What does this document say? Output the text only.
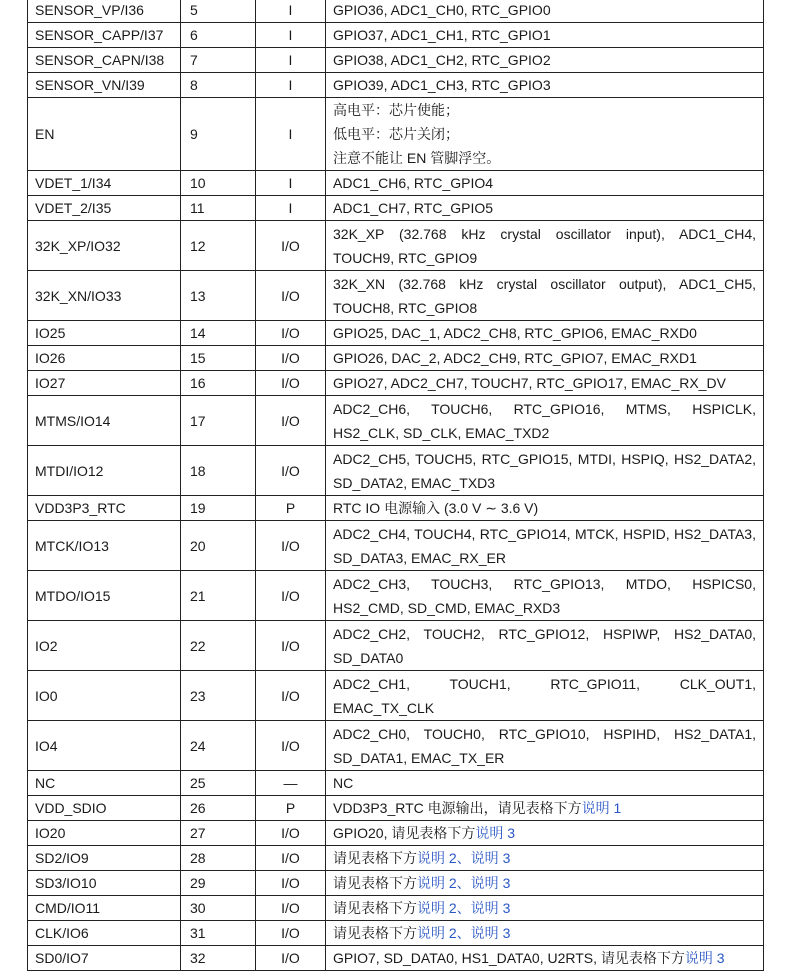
SENSOR_VP/I36	5	I	GPIO36, ADC1_CH0, RTC_GPIO0

SENSOR_CAPP/I37	6	I	GPIO37, ADC1_CH1, RTC_GPIO1

SENSOR_CAPN/I38	7	I	GPIO38, ADC1_CH2, RTC_GPIO2

SENSOR_VN/I39	8	I	GPIO39, ADC1_CH3, RTC_GPIO3

EN	9	I	高电平：芯片使能；
低电平：芯片关闭；
注意不能让 EN 管脚浮空。

VDET_1/I34	10	I	ADC1_CH6, RTC_GPIO4

VDET_2/I35	11	I	ADC1_CH7, RTC_GPIO5

32K_XP/IO32	12	I/O	32K_XP (32.768 kHz crystal oscillator input), ADC1_CH4,
TOUCH9, RTC_GPIO9

32K_XN/IO33	13	I/O	32K_XN (32.768 kHz crystal oscillator output), ADC1_CH5,
TOUCH8, RTC_GPIO8

IO25	14	I/O	GPIO25, DAC_1, ADC2_CH8, RTC_GPIO6, EMAC_RXD0

IO26	15	I/O	GPIO26, DAC_2, ADC2_CH9, RTC_GPIO7, EMAC_RXD1

IO27	16	I/O	GPIO27, ADC2_CH7, TOUCH7, RTC_GPIO17, EMAC_RX_DV

MTMS/IO14	17	I/O	ADC2_CH6, TOUCH6, RTC_GPIO16, MTMS, HSPICLK,
HS2_CLK, SD_CLK, EMAC_TXD2

MTDI/IO12	18	I/O	ADC2_CH5, TOUCH5, RTC_GPIO15, MTDI, HSPIQ, HS2_DATA2,
SD_DATA2, EMAC_TXD3

VDD3P3_RTC	19	P	RTC IO 电源输入 (3.0 V ∼ 3.6 V)

MTCK/IO13	20	I/O	ADC2_CH4, TOUCH4, RTC_GPIO14, MTCK, HSPID, HS2_DATA3,
SD_DATA3, EMAC_RX_ER

MTDO/IO15	21	I/O	ADC2_CH3, TOUCH3, RTC_GPIO13, MTDO, HSPICS0,
HS2_CMD, SD_CMD, EMAC_RXD3

IO2	22	I/O	ADC2_CH2, TOUCH2, RTC_GPIO12, HSPIWP, HS2_DATA0,
SD_DATA0

IO0	23	I/O	ADC2_CH1, TOUCH1, RTC_GPIO11, CLK_OUT1,
EMAC_TX_CLK

IO4	24	I/O	ADC2_CH0, TOUCH0, RTC_GPIO10, HSPIHD, HS2_DATA1,
SD_DATA1, EMAC_TX_ER

NC	25	—	NC

VDD_SDIO	26	P	VDD3P3_RTC 电源输出，请见表格下方说明 1

IO20	27	I/O	GPIO20, 请见表格下方说明 3

SD2/IO9	28	I/O	请见表格下方说明 2、说明 3

SD3/IO10	29	I/O	请见表格下方说明 2、说明 3

CMD/IO11	30	I/O	请见表格下方说明 2、说明 3

CLK/IO6	31	I/O	请见表格下方说明 2、说明 3

SD0/IO7	32	I/O	GPIO7, SD_DATA0, HS1_DATA0, U2RTS, 请见表格下方说明 3
